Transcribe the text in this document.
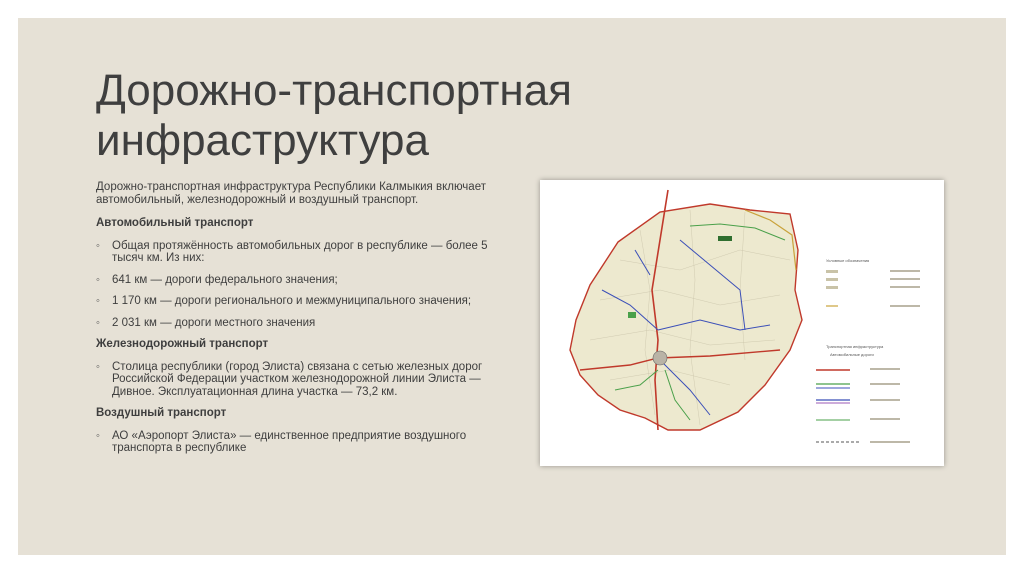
Дорожно-транспортная инфраструктура

Дорожно-транспортная инфраструктура Республики Калмыкия включает автомобильный, железнодорожный и воздушный транспорт.

Автомобильный транспорт
◦ Общая протяжённость автомобильных дорог в республике — более 5 тысяч км. Из них:
◦ 641 км — дороги федерального значения;
◦ 1 170 км — дороги регионального и межмуниципального значения;
◦ 2 031 км — дороги местного значения
Железнодорожный транспорт
◦ Столица республики (город Элиста) связана с сетью железных дорог Российской Федерации участком железнодорожной линии Элиста — Дивное. Эксплуатационная длина участка — 73,2 км.
Воздушный транспорт
◦ АО «Аэропорт Элиста» — единственное предприятие воздушного транспорта в республике
Условные обозначения
Транспортная инфраструктура
Автомобильные дороги
